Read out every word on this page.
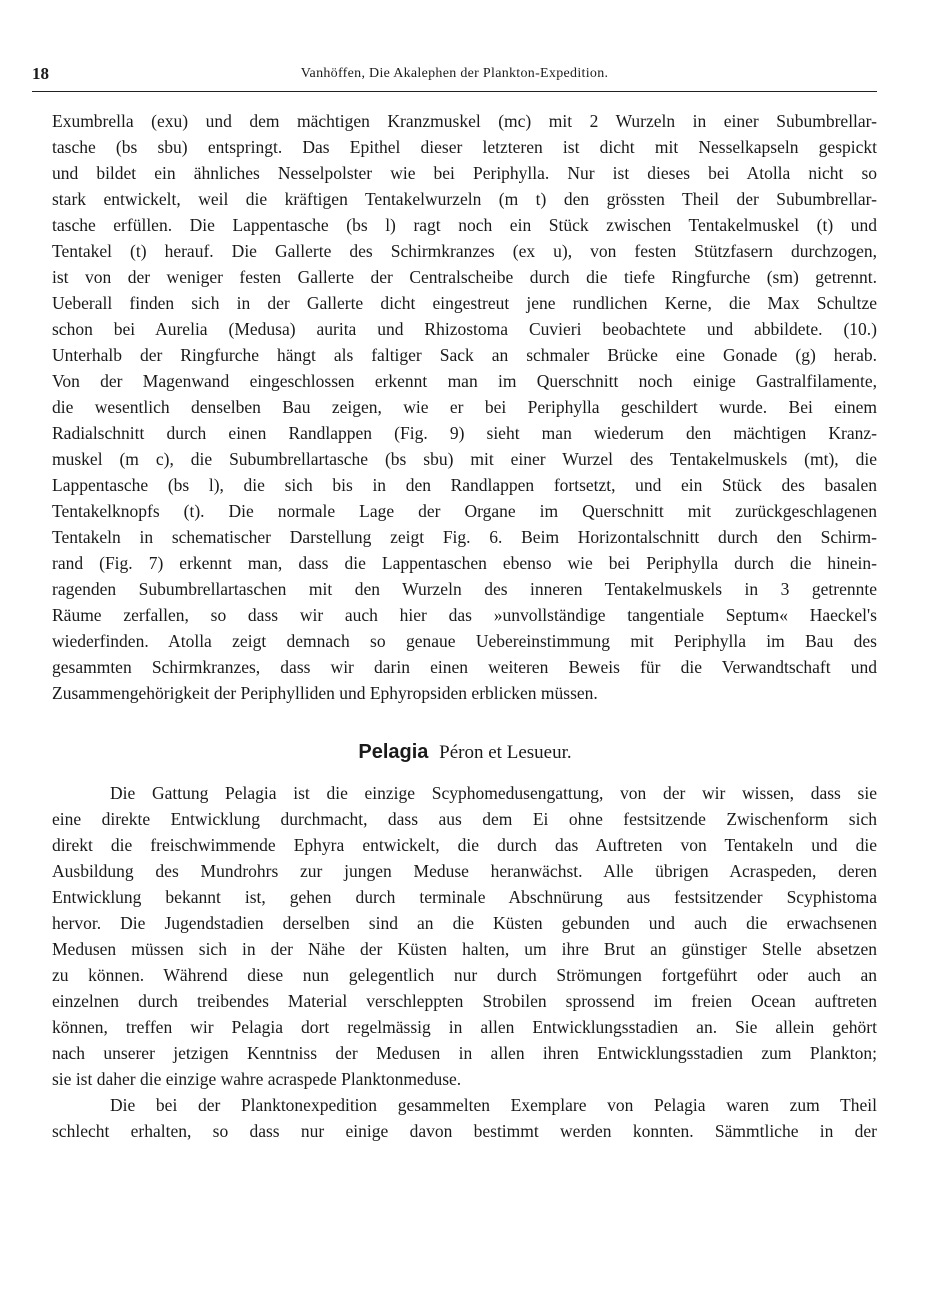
18	Vanhöffen, Die Akalephen der Plankton-Expedition.
Exumbrella (exu) und dem mächtigen Kranzmuskel (mc) mit 2 Wurzeln in einer Subumbrellar-
tasche (bs sbu) entspringt. Das Epithel dieser letzteren ist dicht mit Nesselkapseln gespickt
und bildet ein ähnliches Nesselpolster wie bei Periphylla. Nur ist dieses bei Atolla nicht so
stark entwickelt, weil die kräftigen Tentakelwurzeln (m t) den grössten Theil der Subumbrellar-
tasche erfüllen. Die Lappentasche (bs l) ragt noch ein Stück zwischen Tentakelmuskel (t) und
Tentakel (t) herauf. Die Gallerte des Schirmkranzes (ex u), von festen Stützfasern durchzogen,
ist von der weniger festen Gallerte der Centralscheibe durch die tiefe Ringfurche (sm) getrennt.
Ueberall finden sich in der Gallerte dicht eingestreut jene rundlichen Kerne, die Max Schultze
schon bei Aurelia (Medusa) aurita und Rhizostoma Cuvieri beobachtete und abbildete. (10.)
Unterhalb der Ringfurche hängt als faltiger Sack an schmaler Brücke eine Gonade (g) herab.
Von der Magenwand eingeschlossen erkennt man im Querschnitt noch einige Gastralfilamente,
die wesentlich denselben Bau zeigen, wie er bei Periphylla geschildert wurde. Bei einem
Radialschnitt durch einen Randlappen (Fig. 9) sieht man wiederum den mächtigen Kranz-
muskel (m c), die Subumbrellartasche (bs sbu) mit einer Wurzel des Tentakelmuskels (mt), die
Lappentasche (bs l), die sich bis in den Randlappen fortsetzt, und ein Stück des basalen
Tentakelknopfs (t). Die normale Lage der Organe im Querschnitt mit zurückgeschlagenen
Tentakeln in schematischer Darstellung zeigt Fig. 6. Beim Horizontalschnitt durch den Schirm-
rand (Fig. 7) erkennt man, dass die Lappentaschen ebenso wie bei Periphylla durch die hinein-
ragenden Subumbrellartaschen mit den Wurzeln des inneren Tentakelmuskels in 3 getrennte
Räume zerfallen, so dass wir auch hier das »unvollständige tangentiale Septum« Haeckel's
wiederfinden. Atolla zeigt demnach so genaue Uebereinstimmung mit Periphylla im Bau des
gesammten Schirmkranzes, dass wir darin einen weiteren Beweis für die Verwandtschaft und
Zusammengehörigkeit der Periphylliden und Ephyropsiden erblicken müssen.
Pelagia Péron et Lesueur.
Die Gattung Pelagia ist die einzige Scyphomedusengattung, von der wir wissen, dass sie
eine direkte Entwicklung durchmacht, dass aus dem Ei ohne festsitzende Zwischenform sich
direkt die freischwimmende Ephyra entwickelt, die durch das Auftreten von Tentakeln und die
Ausbildung des Mundrohrs zur jungen Meduse heranwächst. Alle übrigen Acraspeden, deren
Entwicklung bekannt ist, gehen durch terminale Abschnürung aus festsitzender Scyphistoma
hervor. Die Jugendstadien derselben sind an die Küsten gebunden und auch die erwachsenen
Medusen müssen sich in der Nähe der Küsten halten, um ihre Brut an günstiger Stelle absetzen
zu können. Während diese nun gelegentlich nur durch Strömungen fortgeführt oder auch an
einzelnen durch treibendes Material verschleppten Strobilen sprossend im freien Ocean auftreten
können, treffen wir Pelagia dort regelmässig in allen Entwicklungsstadien an. Sie allein gehört
nach unserer jetzigen Kenntniss der Medusen in allen ihren Entwicklungsstadien zum Plankton;
sie ist daher die einzige wahre acraspede Planktonmeduse.
Die bei der Planktonexpedition gesammelten Exemplare von Pelagia waren zum Theil
schlecht erhalten, so dass nur einige davon bestimmt werden konnten. Sämmtliche in der
